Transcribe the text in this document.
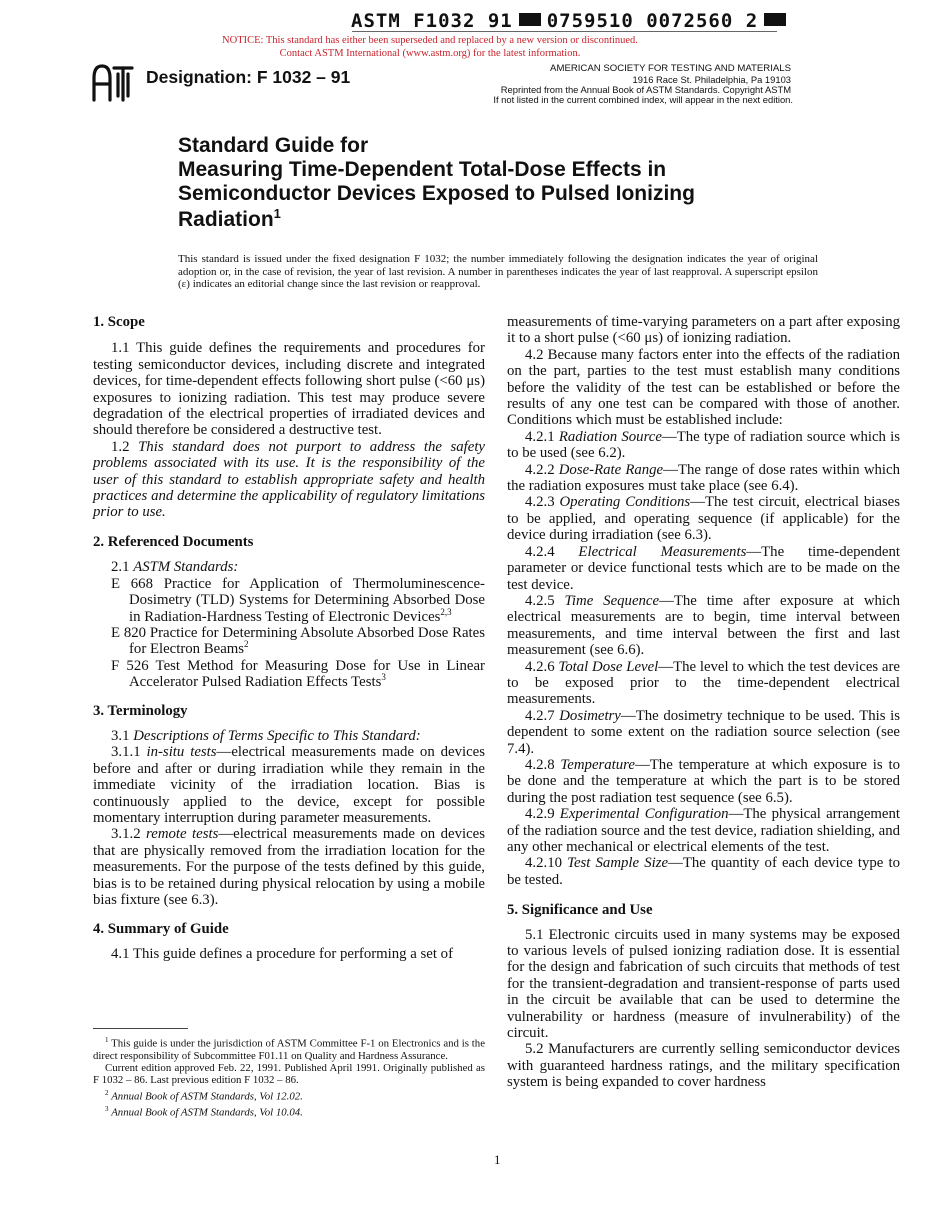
ASTM F1032 91 0759510 0072560 2
NOTICE: This standard has either been superseded and replaced by a new version or discontinued.
Contact ASTM International (www.astm.org) for the latest information.
Designation: F 1032 – 91	AMERICAN SOCIETY FOR TESTING AND MATERIALS
1916 Race St. Philadelphia, Pa 19103
Reprinted from the Annual Book of ASTM Standards. Copyright ASTM
If not listed in the current combined index, will appear in the next edition.
Standard Guide for
Measuring Time-Dependent Total-Dose Effects in
Semiconductor Devices Exposed to Pulsed Ionizing
Radiation$^1$
This standard is issued under the fixed designation F 1032; the number immediately following the designation indicates the year of original adoption or, in the case of revision, the year of last revision. A number in parentheses indicates the year of last reapproval. A superscript epsilon (ε) indicates an editorial change since the last revision or reapproval.
1. Scope

1.1 This guide defines the requirements and procedures for testing semiconductor devices, including discrete and integrated devices, for time-dependent effects following short pulse (<60 μs) exposures to ionizing radiation. This test may produce severe degradation of the electrical properties of irradiated devices and should therefore be considered a destructive test.

1.2 This standard does not purport to address the safety problems associated with its use. It is the responsibility of the user of this standard to establish appropriate safety and health practices and determine the applicability of regulatory limitations prior to use.

2. Referenced Documents

2.1 ASTM Standards:

E 668 Practice for Application of Thermoluminescence-Dosimetry (TLD) Systems for Determining Absorbed Dose in Radiation-Hardness Testing of Electronic Devices$^{2,3}$

E 820 Practice for Determining Absolute Absorbed Dose Rates for Electron Beams$^2$

F 526 Test Method for Measuring Dose for Use in Linear Accelerator Pulsed Radiation Effects Tests$^3$

3. Terminology

3.1 Descriptions of Terms Specific to This Standard:

3.1.1 in-situ tests—electrical measurements made on devices before and after or during irradiation while they remain in the immediate vicinity of the irradiation location. Bias is continuously applied to the device, except for possible momentary interruption during parameter measurements.

3.1.2 remote tests—electrical measurements made on devices that are physically removed from the irradiation location for the measurements. For the purpose of the tests defined by this guide, bias is to be retained during physical relocation by using a mobile bias fixture (see 6.3).

4. Summary of Guide

4.1 This guide defines a procedure for performing a set of

$^1$ This guide is under the jurisdiction of ASTM Committee F-1 on Electronics and is the direct responsibility of Subcommittee F01.11 on Quality and Hardness Assurance.

Current edition approved Feb. 22, 1991. Published April 1991. Originally published as F 1032 – 86. Last previous edition F 1032 – 86.

$^2$ Annual Book of ASTM Standards, Vol 12.02.

$^3$ Annual Book of ASTM Standards, Vol 10.04.

measurements of time-varying parameters on a part after exposing it to a short pulse (<60 μs) of ionizing radiation.

4.2 Because many factors enter into the effects of the radiation on the part, parties to the test must establish many conditions before the validity of the test can be established or before the results of any one test can be compared with those of another. Conditions which must be established include:

4.2.1 Radiation Source—The type of radiation source which is to be used (see 6.2).

4.2.2 Dose-Rate Range—The range of dose rates within which the radiation exposures must take place (see 6.4).

4.2.3 Operating Conditions—The test circuit, electrical biases to be applied, and operating sequence (if applicable) for the device during irradiation (see 6.3).

4.2.4 Electrical Measurements—The time-dependent parameter or device functional tests which are to be made on the test device.

4.2.5 Time Sequence—The time after exposure at which electrical measurements are to begin, time interval between measurements, and time interval between the first and last measurement (see 6.6).

4.2.6 Total Dose Level—The level to which the test devices are to be exposed prior to the time-dependent electrical measurements.

4.2.7 Dosimetry—The dosimetry technique to be used. This is dependent to some extent on the radiation source selection (see 7.4).

4.2.8 Temperature—The temperature at which exposure is to be done and the temperature at which the part is to be stored during the post radiation test sequence (see 6.5).

4.2.9 Experimental Configuration—The physical arrangement of the radiation source and the test device, radiation shielding, and any other mechanical or electrical elements of the test.

4.2.10 Test Sample Size—The quantity of each device type to be tested.

5. Significance and Use

5.1 Electronic circuits used in many systems may be exposed to various levels of pulsed ionizing radiation dose. It is essential for the design and fabrication of such circuits that methods of test for the transient-degradation and transient-response of parts used in the circuit be available that can be used to determine the vulnerability or hardness (measure of invulnerability) of the circuit.

5.2 Manufacturers are currently selling semiconductor devices with guaranteed hardness ratings, and the military specification system is being expanded to cover hardness

1
